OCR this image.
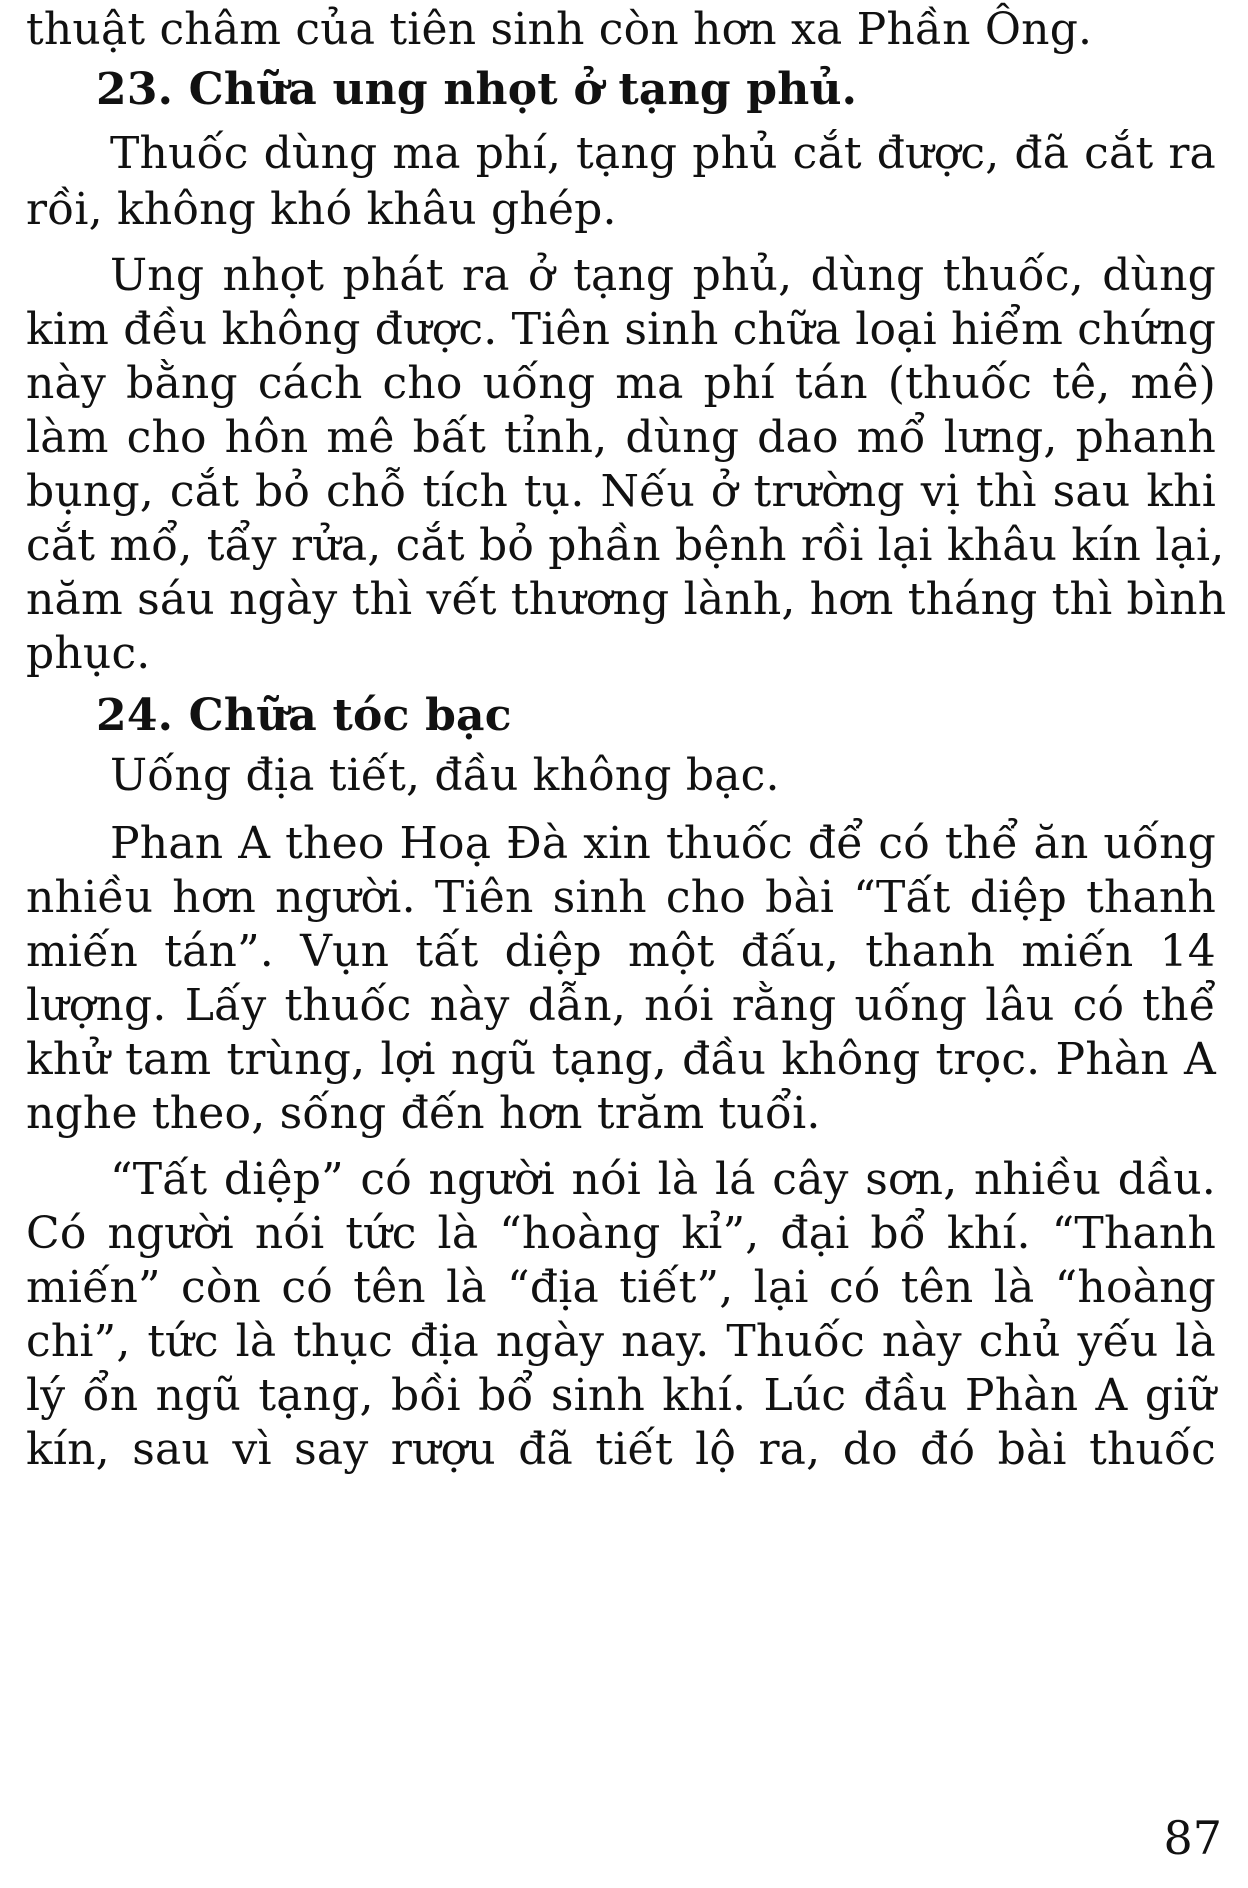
thuật châm của tiên sinh còn hơn xa Phần Ông.
23. Chữa ung nhọt ở tạng phủ.
Thuốc dùng ma phí, tạng phủ cắt được, đã cắt ra
rồi, không khó khâu ghép.
Ung nhọt phát ra ở tạng phủ, dùng thuốc, dùng
kim đều không được. Tiên sinh chữa loại hiểm chứng
này bằng cách cho uống ma phí tán (thuốc tê, mê)
làm cho hôn mê bất tỉnh, dùng dao mổ lưng, phanh
bụng, cắt bỏ chỗ tích tụ. Nếu ở trường vị thì sau khi
cắt mổ, tẩy rửa, cắt bỏ phần bệnh rồi lại khâu kín lại,
năm sáu ngày thì vết thương lành, hơn tháng thì bình
phục.
24. Chữa tóc bạc
Uống địa tiết, đầu không bạc.
Phan A theo Hoạ Đà xin thuốc để có thể ăn uống
nhiều hơn người. Tiên sinh cho bài “Tất diệp thanh
miến tán”. Vụn tất diệp một đấu, thanh miến 14
lượng. Lấy thuốc này dẫn, nói rằng uống lâu có thể
khử tam trùng, lợi ngũ tạng, đầu không trọc. Phàn A
nghe theo, sống đến hơn trăm tuổi.
“Tất diệp” có người nói là lá cây sơn, nhiều dầu.
Có người nói tức là “hoàng kỉ”, đại bổ khí. “Thanh
miến” còn có tên là “địa tiết”, lại có tên là “hoàng
chi”, tức là thục địa ngày nay. Thuốc này chủ yếu là
lý ổn ngũ tạng, bồi bổ sinh khí. Lúc đầu Phàn A giữ
kín, sau vì say rượu đã tiết lộ ra, do đó bài thuốc
87
